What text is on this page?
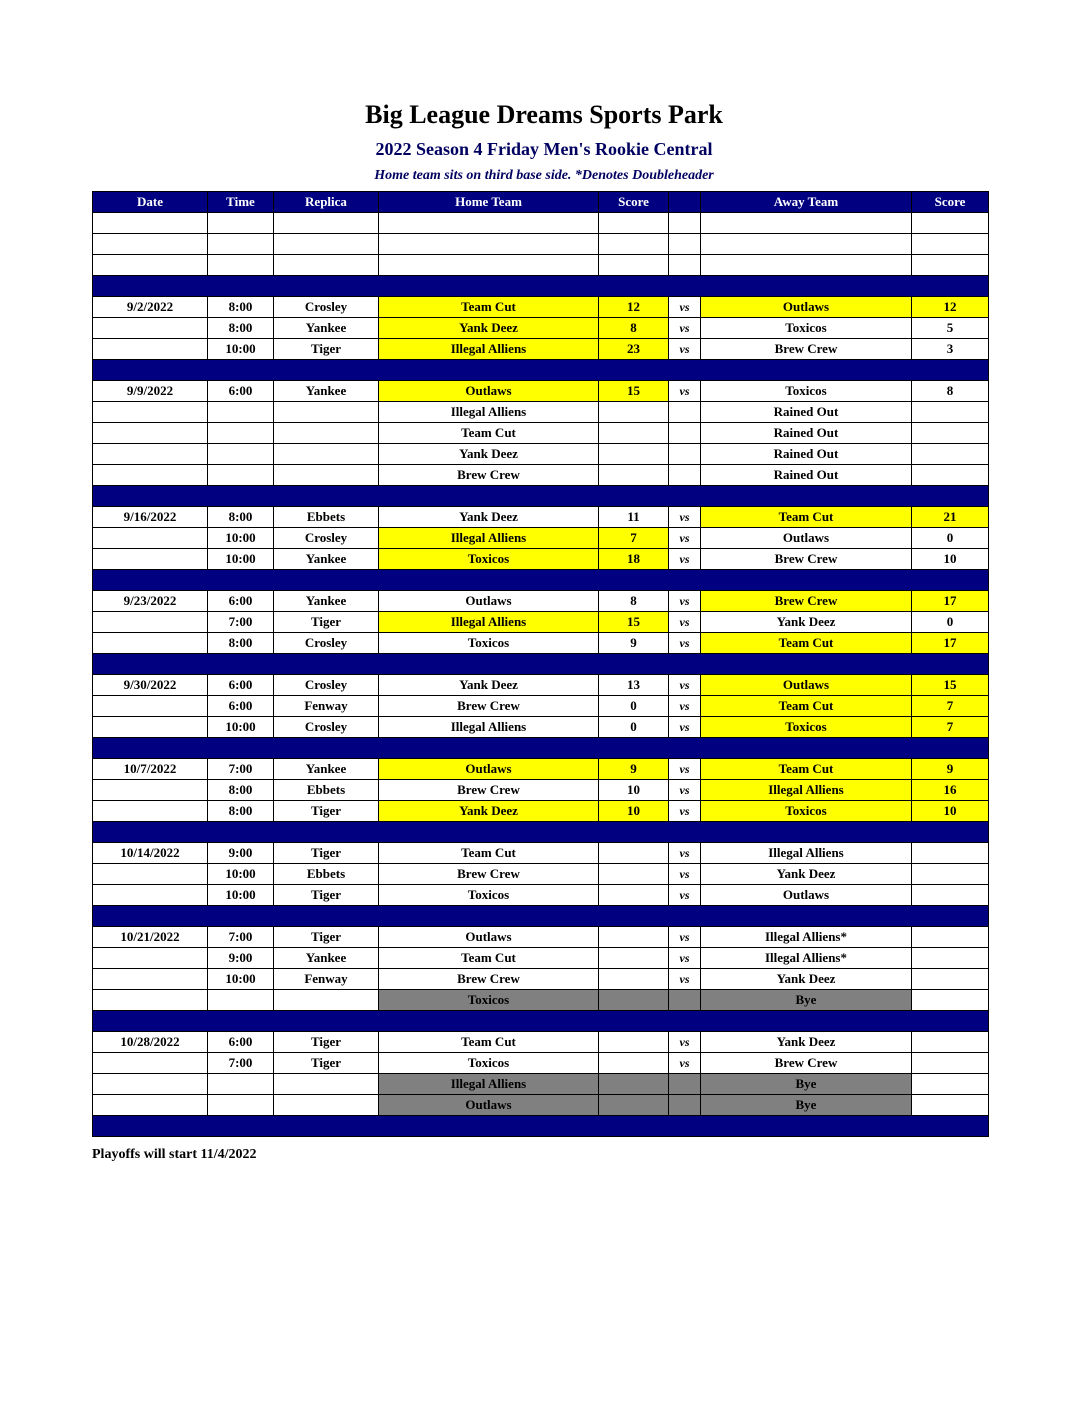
Big League Dreams Sports Park
2022 Season 4 Friday Men's Rookie Central
Home team sits on third base side. *Denotes Doubleheader
Date	Time	Replica	Home Team	Score		Away Team	Score

9/2/2022	8:00	Crosley	Team Cut	12	vs	Outlaws	12
	8:00	Yankee	Yank Deez	8	vs	Toxicos	5
	10:00	Tiger	Illegal Alliens	23	vs	Brew Crew	3

9/9/2022	6:00	Yankee	Outlaws	15	vs	Toxicos	8
			Illegal Alliens			Rained Out	
			Team Cut			Rained Out	
			Yank Deez			Rained Out	
			Brew Crew			Rained Out	

9/16/2022	8:00	Ebbets	Yank Deez	11	vs	Team Cut	21
	10:00	Crosley	Illegal Alliens	7	vs	Outlaws	0
	10:00	Yankee	Toxicos	18	vs	Brew Crew	10

9/23/2022	6:00	Yankee	Outlaws	8	vs	Brew Crew	17
	7:00	Tiger	Illegal Alliens	15	vs	Yank Deez	0
	8:00	Crosley	Toxicos	9	vs	Team Cut	17

9/30/2022	6:00	Crosley	Yank Deez	13	vs	Outlaws	15
	6:00	Fenway	Brew Crew	0	vs	Team Cut	7
	10:00	Crosley	Illegal Alliens	0	vs	Toxicos	7

10/7/2022	7:00	Yankee	Outlaws	9	vs	Team Cut	9
	8:00	Ebbets	Brew Crew	10	vs	Illegal Alliens	16
	8:00	Tiger	Yank Deez	10	vs	Toxicos	10

10/14/2022	9:00	Tiger	Team Cut		vs	Illegal Alliens	
	10:00	Ebbets	Brew Crew		vs	Yank Deez	
	10:00	Tiger	Toxicos		vs	Outlaws	

10/21/2022	7:00	Tiger	Outlaws		vs	Illegal Alliens*	
	9:00	Yankee	Team Cut		vs	Illegal Alliens*	
	10:00	Fenway	Brew Crew		vs	Yank Deez	
			Toxicos			Bye	

10/28/2022	6:00	Tiger	Team Cut		vs	Yank Deez	
	7:00	Tiger	Toxicos		vs	Brew Crew	
			Illegal Alliens			Bye	
			Outlaws			Bye	

Playoffs will start 11/4/2022
